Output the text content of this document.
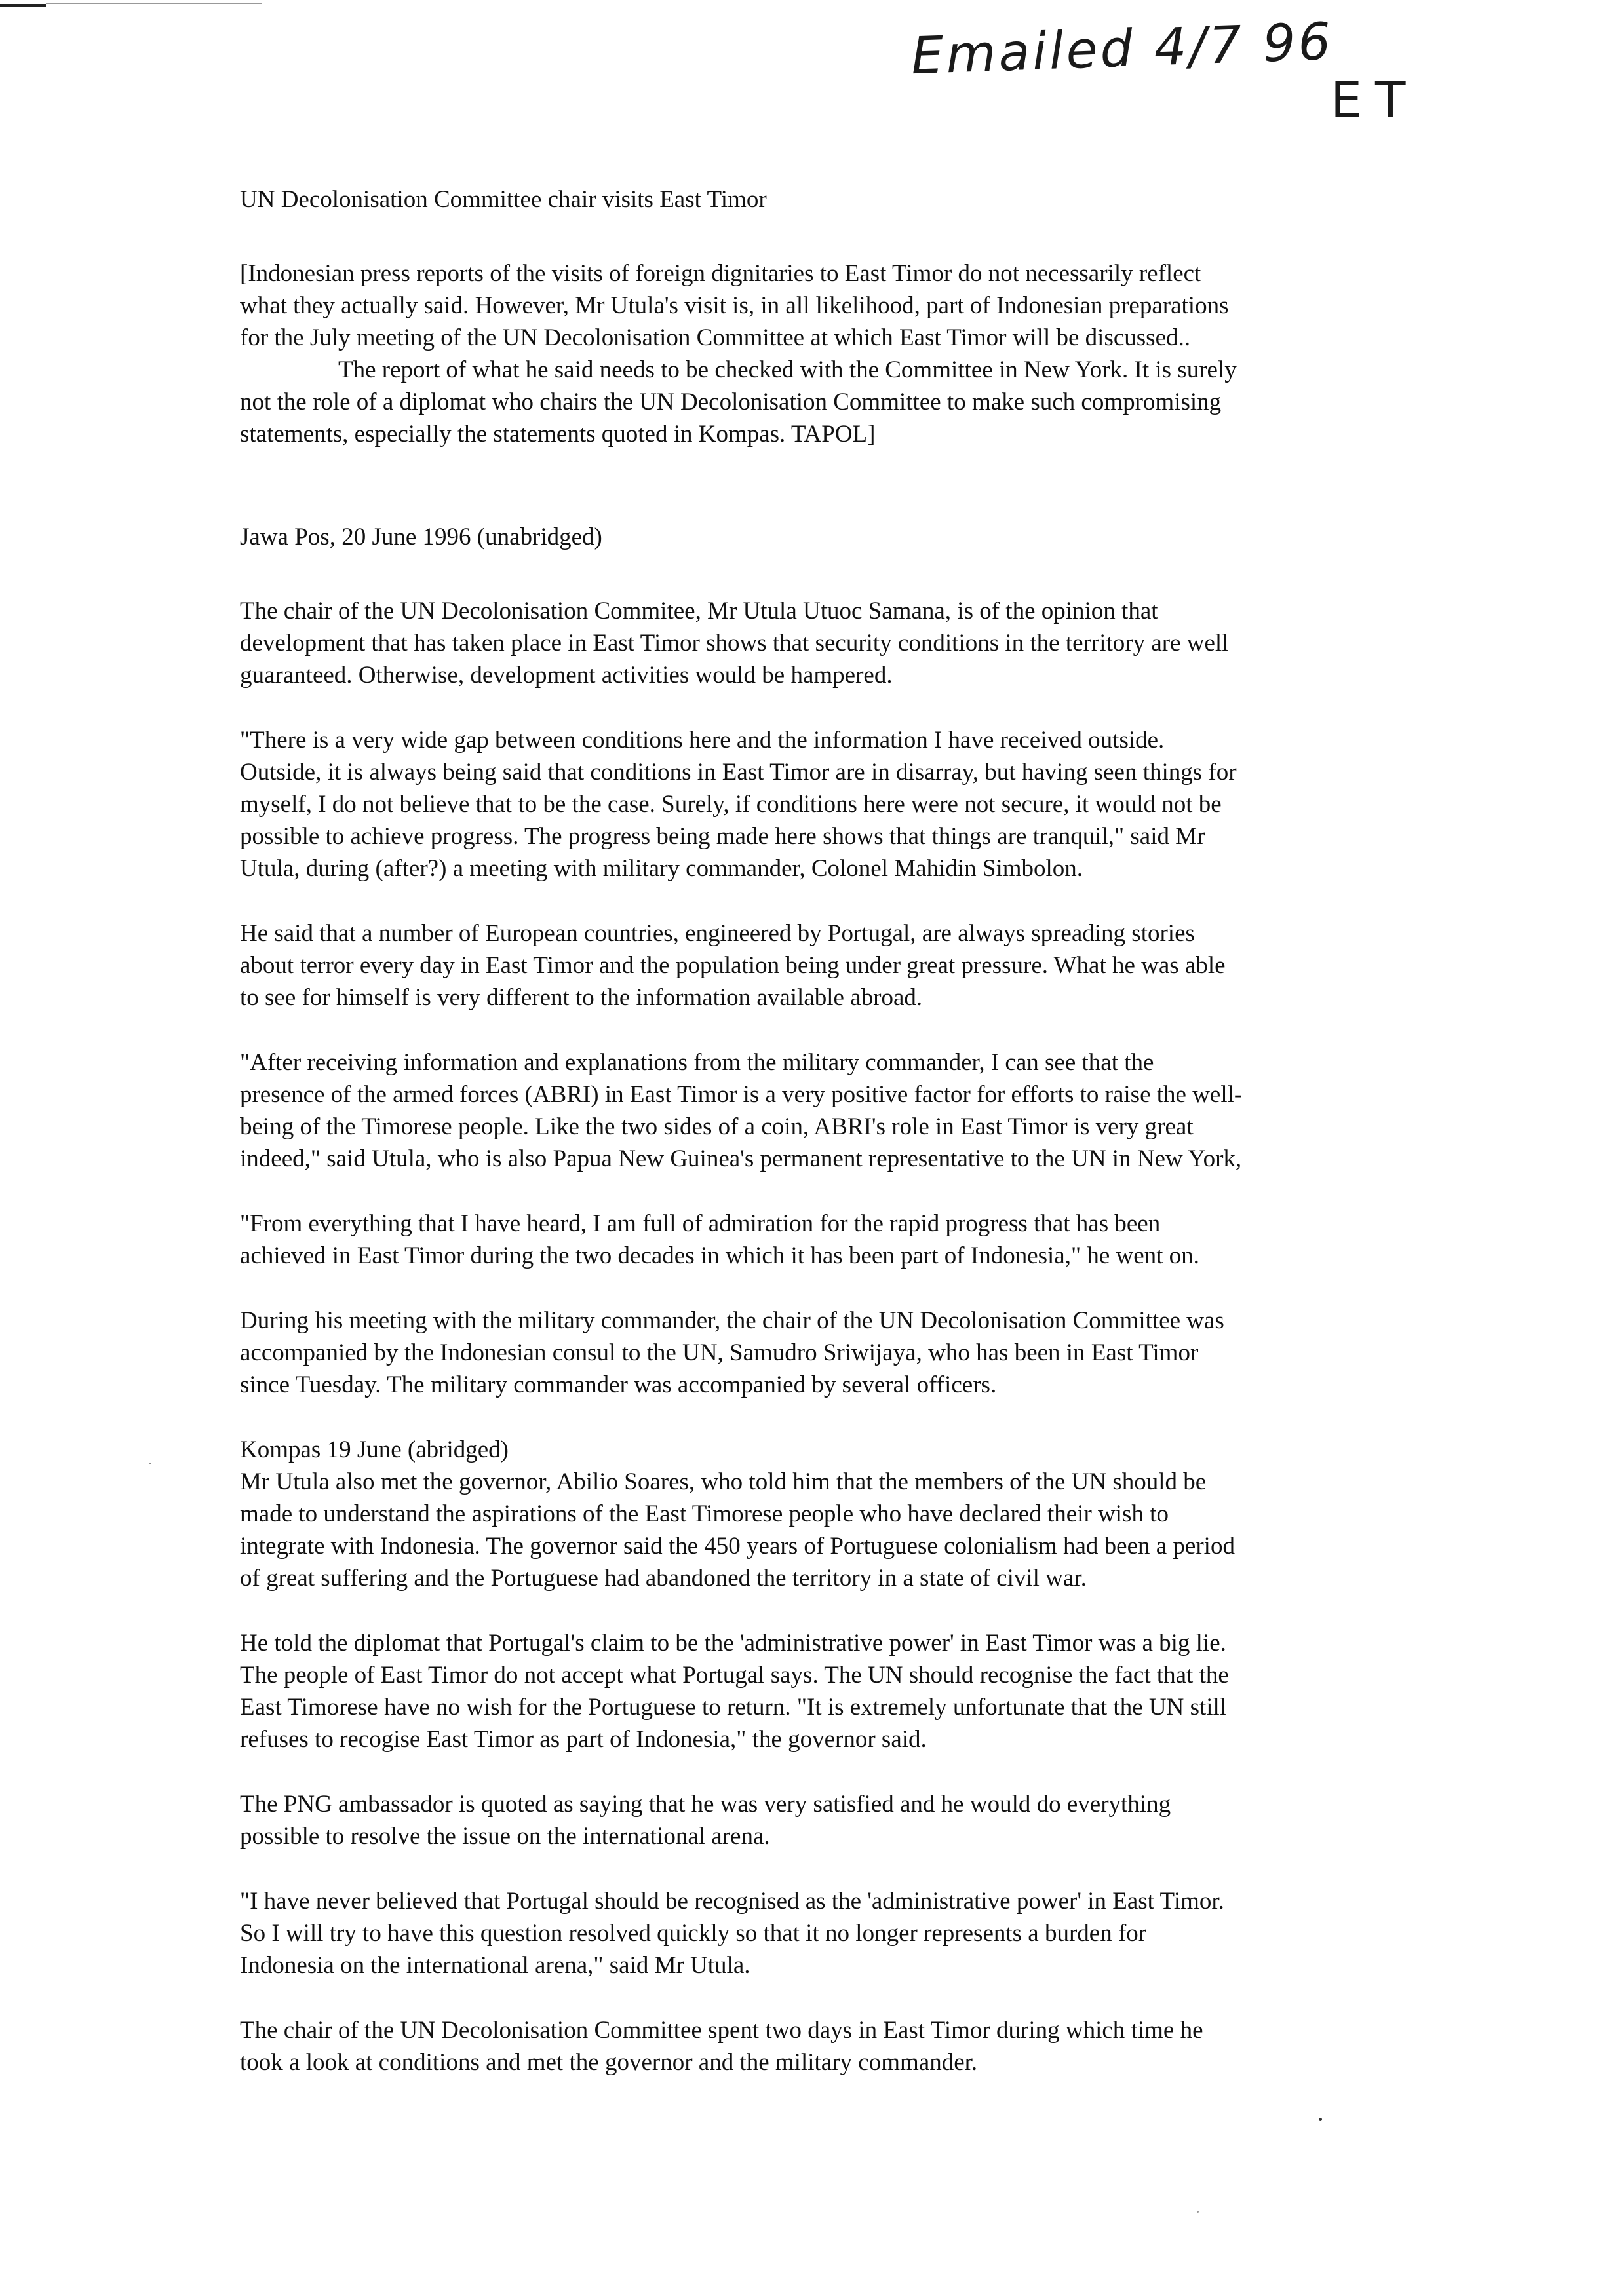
Emailed 4/7 96
ET
UN Decolonisation Committee chair visits East Timor
[Indonesian press reports of the visits of foreign dignitaries to East Timor do not necessarily reflect
what they actually said. However, Mr Utula's visit is, in all likelihood, part of Indonesian preparations
for the July meeting of the UN Decolonisation Committee at which East Timor will be discussed..
The report of what he said needs to be checked with the Committee in New York. It is surely
not the role of a diplomat who chairs the UN Decolonisation Committee to make such compromising
statements, especially the statements quoted in Kompas. TAPOL]
Jawa Pos, 20 June 1996 (unabridged)
The chair of the UN Decolonisation Commitee, Mr Utula Utuoc Samana, is of the opinion that
development that has taken place in East Timor shows that security conditions in the territory are well
guaranteed. Otherwise, development activities would be hampered.
"There is a very wide gap between conditions here and the information I have received outside.
Outside, it is always being said that conditions in East Timor are in disarray, but having seen things for
myself, I do not believe that to be the case. Surely, if conditions here were not secure, it would not be
possible to achieve progress. The progress being made here shows that things are tranquil," said Mr
Utula, during (after?) a meeting with military commander, Colonel Mahidin Simbolon.
He said that a number of European countries, engineered by Portugal, are always spreading stories
about terror every day in East Timor and the population being under great pressure. What he was able
to see for himself is very different to the information available abroad.
"After receiving information and explanations from the military commander, I can see that the
presence of the armed forces (ABRI) in East Timor is a very positive factor for efforts to raise the well-
being of the Timorese people. Like the two sides of a coin, ABRI's role in East Timor is very great
indeed," said Utula, who is also Papua New Guinea's permanent representative to the UN in New York,
"From everything that I have heard, I am full of admiration for the rapid progress that has been
achieved in East Timor during the two decades in which it has been part of Indonesia," he went on.
During his meeting with the military commander, the chair of the UN Decolonisation Committee was
accompanied by the Indonesian consul to the UN, Samudro Sriwijaya, who has been in East Timor
since Tuesday. The military commander was accompanied by several officers.
Kompas 19 June (abridged)
Mr Utula also met the governor, Abilio Soares, who told him that the members of the UN should be
made to understand the aspirations of the East Timorese people who have declared their wish to
integrate with Indonesia. The governor said the 450 years of Portuguese colonialism had been a period
of great suffering and the Portuguese had abandoned the territory in a state of civil war.
He told the diplomat that Portugal's claim to be the 'administrative power' in East Timor was a big lie.
The people of East Timor do not accept what Portugal says. The UN should recognise the fact that the
East Timorese have no wish for the Portuguese to return. "It is extremely unfortunate that the UN still
refuses to recogise East Timor as part of Indonesia," the governor said.
The PNG ambassador is quoted as saying that he was very satisfied and he would do everything
possible to resolve the issue on the international arena.
"I have never believed that Portugal should be recognised as the 'administrative power' in East Timor.
So I will try to have this question resolved quickly so that it no longer represents a burden for
Indonesia on the international arena," said Mr Utula.
The chair of the UN Decolonisation Committee spent two days in East Timor during which time he
took a look at conditions and met the governor and the military commander.
